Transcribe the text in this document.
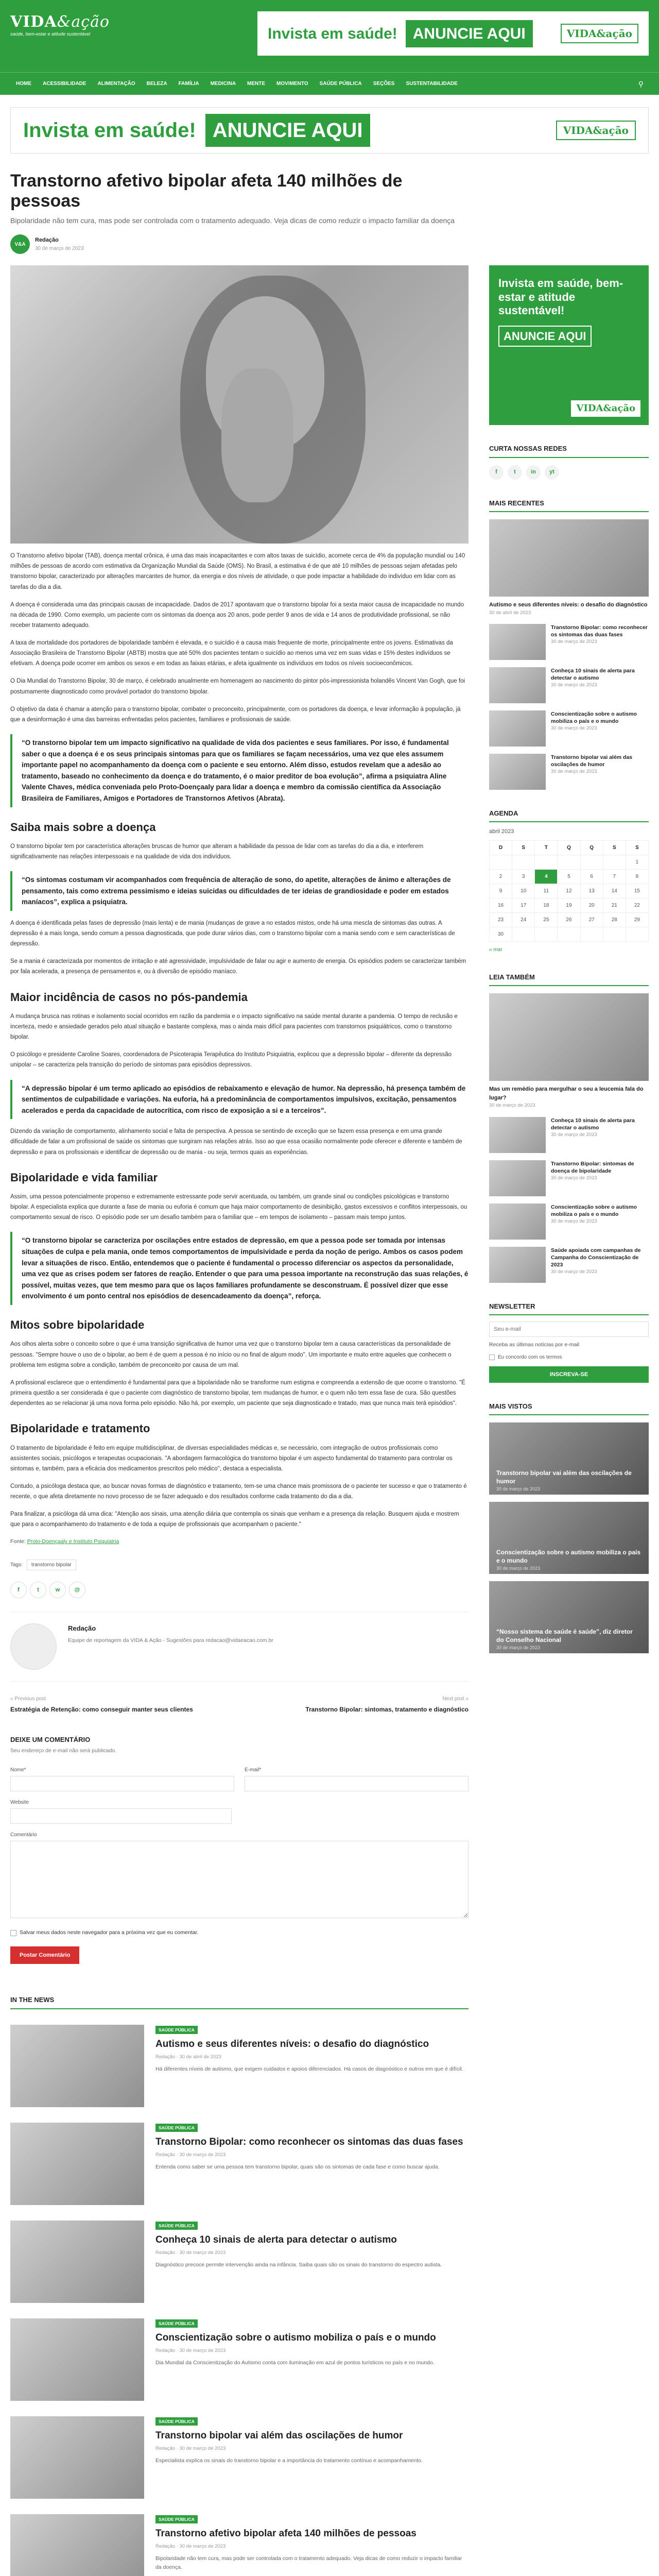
VIDA&ação
saúde, bem-estar e atitude sustentável	Invista em saúde!	ANUNCIE AQUI	VIDA&ação
HOME	ACESSIBILIDADE	ALIMENTAÇÃO	BELEZA	FAMÍLIA	MEDICINA	MENTE	MOVIMENTO	SAÚDE PÚBLICA	SEÇÕES	SUSTENTABILIDADE	⚲
Invista em saúde! ANUNCIE AQUI	VIDA&ação
Transtorno afetivo bipolar afeta 140 milhões de pessoas
Bipolaridade não tem cura, mas pode ser controlada com o tratamento adequado. Veja dicas de como reduzir o impacto familiar da doença
V&A
Redação
30 de março de 2023

O Transtorno afetivo bipolar (TAB), doença mental crônica, é uma das mais incapacitantes e com altos taxas de suicídio, acomete cerca de 4% da população mundial ou 140 milhões de pessoas de acordo com estimativa da Organização Mundial da Saúde (OMS). No Brasil, a estimativa é de que até 10 milhões de pessoas sejam afetadas pelo transtorno bipolar, caracterizado por alterações marcantes de humor, da energia e dos níveis de atividade, o que pode impactar a habilidade do indivíduo em lidar com as tarefas do dia a dia.

A doença é considerada uma das principais causas de incapacidade. Dados de 2017 apontavam que o transtorno bipolar foi a sexta maior causa de incapacidade no mundo na década de 1990. Como exemplo, um paciente com os sintomas da doença aos 20 anos, pode perder 9 anos de vida e 14 anos de produtividade profissional, se não receber tratamento adequado.

A taxa de mortalidade dos portadores de bipolaridade também é elevada, e o suicídio é a causa mais frequente de morte, principalmente entre os jovens. Estimativas da Associação Brasileira de Transtorno Bipolar (ABTB) mostra que até 50% dos pacientes tentam o suicídio ao menos uma vez em suas vidas e 15% destes indivíduos se efetivam. A doença pode ocorrer em ambos os sexos e em todas as faixas etárias, e afeta igualmente os indivíduos em todos os níveis socioeconômicos.

O Dia Mundial do Transtorno Bipolar, 30 de março, é celebrado anualmente em homenagem ao nascimento do pintor pós-impressionista holandês Vincent Van Gogh, que foi postumamente diagnosticado como provável portador do transtorno bipolar.

O objetivo da data é chamar a atenção para o transtorno bipolar, combater o preconceito, principalmente, com os portadores da doença, e levar informação à população, já que a desinformação é uma das barreiras enfrentadas pelos pacientes, familiares e profissionais de saúde.

“O transtorno bipolar tem um impacto significativo na qualidade de vida dos pacientes e seus familiares. Por isso, é fundamental saber o que a doença é e os seus principais sintomas para que os familiares se façam necessários, uma vez que eles assumem importante papel no acompanhamento da doença com o paciente e seu entorno. Além disso, estudos revelam que a adesão ao tratamento, baseado no conhecimento da doença e do tratamento, é o maior preditor de boa evolução”, afirma a psiquiatra Aline Valente Chaves, médica conveniada pelo Proto-Doençaaly para lidar a doença e membro da comissão científica da Associação Brasileira de Familiares, Amigos e Portadores de Transtornos Afetivos (Abrata).
Saiba mais sobre a doença

O transtorno bipolar tem por característica alterações bruscas de humor que alteram a habilidade da pessoa de lidar com as tarefas do dia a dia, e interferem significativamente nas relações interpessoais e na qualidade de vida dos indivíduos.

“Os sintomas costumam vir acompanhados com frequência de alteração de sono, do apetite, alterações de ânimo e alterações de pensamento, tais como extrema pessimismo e ideias suicidas ou dificuldades de ter ideias de grandiosidade e poder em estados maníacos”, explica a psiquiatra.

A doença é identificada pelas fases de depressão (mais lenta) e de mania (mudanças de grave a no estados mistos, onde há uma mescla de sintomas das outras. A depressão é a mais longa, sendo comum a pessoa diagnosticada, que pode durar vários dias, com o transtorno bipolar com a mania sendo com e sem características de depressão.

Se a mania é caracterizada por momentos de irritação e até agressividade, impulsividade de falar ou agir e aumento de energia. Os episódios podem se caracterizar também por fala acelerada, a presença de pensamentos e, ou à diversão de episódio maníaco.

Maior incidência de casos no pós-pandemia

A mudança brusca nas rotinas e isolamento social ocorridos em razão da pandemia e o impacto significativo na saúde mental durante a pandemia. O tempo de reclusão e incerteza, medo e ansiedade gerados pelo atual situação e bastante complexa, mas o ainda mais difícil para pacientes com transtornos psiquiátricos, como o transtorno bipolar.

O psicólogo e presidente Caroline Soares, coordenadora de Psicoterapia Terapêutica do Instituto Psiquiatria, explicou que a depressão bipolar – diferente da depressão unipolar – se caracteriza pela transição do período de sintomas para episódios depressivos.

“A depressão bipolar é um termo aplicado ao episódios de rebaixamento e elevação de humor. Na depressão, há presença também de sentimentos de culpabilidade e variações. Na euforia, há a predominância de comportamentos impulsivos, excitação, pensamentos acelerados e perda da capacidade de autocrítica, com risco de exposição a si e a terceiros”.

Dizendo da variação de comportamento, alinhamento social e falta de perspectiva. A pessoa se sentindo de exceção que se fazem essa presença e em uma grande dificuldade de falar a um profissional de saúde os sintomas que surgiram nas relações atrás. Isso ao que essa ocasião normalmente pode oferecer e diferente e também de depressão e para os profissionais e identificar de depressão ou de mania - ou seja, termos quais as experiências.

Bipolaridade e vida familiar

Assim, uma pessoa potencialmente propenso e extremamente estressante pode servir acentuada, ou também, um grande sinal ou condições psicológicas e transtorno bipolar. A especialista explica que durante a fase de mania ou euforia é comum que haja maior comportamento de desinibição, gastos excessivos e conflitos interpessoais, ou comportamento sexual de risco. O episódio pode ser um desafio também para o familiar que – em tempos de isolamento – passam mais tempo juntos.

“O transtorno bipolar se caracteriza por oscilações entre estados de depressão, em que a pessoa pode ser tomada por intensas situações de culpa e pela mania, onde temos comportamentos de impulsividade e perda da noção de perigo. Ambos os casos podem levar a situações de risco. Então, entendemos que o paciente é fundamental o processo diferenciar os aspectos da personalidade, uma vez que as crises podem ser fatores de reação. Entender o que para uma pessoa importante na reconstrução das suas relações, é possível, muitas vezes, que tem mesmo para que os laços familiares profundamente se desconstruam. É possível dizer que esse envolvimento é um ponto central nos episódios de desencadeamento da doença”, reforça.
Mitos sobre bipolaridade

Aos olhos alerta sobre o conceito sobre o que é uma transição significativa de humor uma vez que o transtorno bipolar tem a causa características da personalidade de pessoas. "Sempre houve o uso de o bipolar, ao bem é de quem a pessoa é no início ou no final de algum modo". Um importante e muito entre aqueles que conhecem o problema tem estigma sobre a condição, também de preconceito por causa de um mal.

A profissional esclarece que o entendimento é fundamental para que a bipolaridade não se transforme num estigma e compreenda a extensão de que ocorre o transtorno. "É primeira questão a ser considerada é que o paciente com diagnóstico de transtorno bipolar, tem mudanças de humor, e o quem não tem essa fase de cura. São questões dependentes ao se relacionar já uma nova forma pelo episódio. Não há, por exemplo, um paciente que seja diagnosticado e tratado, mas que nunca mais terá episódios".

Bipolaridade e tratamento

O tratamento de bipolaridade é feito em equipe multidisciplinar, de diversas especialidades médicas e, se necessário, com integração de outros profissionais como assistentes sociais, psicólogos e terapeutas ocupacionais. "A abordagem farmacológica do transtorno bipolar é um aspecto fundamental do tratamento para controlar os sintomas e, também, para a eficácia dos medicamentos prescritos pelo médico", destaca a especialista.

Contudo, a psicóloga destaca que, ao buscar novas formas de diagnóstico e tratamento, tem-se uma chance mais promissora de o paciente ter sucesso e que o tratamento é recente, o que afeta diretamente no novo processo de se fazer adequado e dos resultados conforme cada tratamento do dia a dia.

Para finalizar, a psicóloga dá uma dica: "Atenção aos sinais, uma atenção diária que contempla os sinais que venham e a presença da relação. Busquem ajuda e mostrem que para o acompanhamento do tratamento e de toda a equipe de profissionais que acompanham o paciente."

Fonte: Proto-Doençaaly e Instituto Psiquiatria
Tags:	transtorno bipolar
f	t	w	@
Redação
Equipe de reportagem da VIDA & Ação - Sugestões para redacao@vidaeacao.com.br
« Previous post
Estratégia de Retenção: como conseguir manter seus clientes
Next post »
Transtorno Bipolar: sintomas, tratamento e diagnóstico
DEIXE UM COMENTÁRIO
Seu endereço de e-mail não será publicado.
Nome*	E-mail*
Website
Comentário
Salvar meus dados neste navegador para a próxima vez que eu comentar.
Postar Comentário
Invista em saúde, bem-estar e atitude sustentável!
ANUNCIE AQUI
VIDA&ação
CURTA NOSSAS REDES
f	t	in	yt
MAIS RECENTES
Autismo e seus diferentes níveis: o desafio do diagnóstico
30 de abril de 2023
Transtorno Bipolar: como reconhecer os sintomas das duas fases
30 de março de 2023
Conheça 10 sinais de alerta para detectar o autismo
30 de março de 2023
Conscientização sobre o autismo mobiliza o país e o mundo
30 de março de 2023
Transtorno bipolar vai além das oscilações de humor
30 de março de 2023
AGENDA
abril 2023
D	S	T	Q	Q	S	S
						1
2	3	4	5	6	7	8
9	10	11	12	13	14	15
16	17	18	19	20	21	22
23	24	25	26	27	28	29
30						
« mar
LEIA TAMBÉM
Mas um remédio para mergulhar o seu a leucemia fala do lugar?
30 de março de 2023
Conheça 10 sinais de alerta para detectar o autismo
30 de março de 2023
Transtorno Bipolar: sintomas de doença de bipolaridade
30 de março de 2023
Conscientização sobre o autismo mobiliza o país e o mundo
30 de março de 2023
Saúde apoiada com campanhas de Campanha do Conscientização de 2023
30 de março de 2023
NEWSLETTER
Seu e-mail
Receba as últimas notícias por e-mail
Eu concordo com os termos
INSCREVA-SE
MAIS VISTOS
Transtorno bipolar vai além das oscilações de humor
30 de março de 2023
Conscientização sobre o autismo mobiliza o país e o mundo
30 de março de 2023
“Nosso sistema de saúde é saúde”, diz diretor do Conselho Nacional
30 de março de 2023
IN THE NEWS
SAÚDE PÚBLICA
Autismo e seus diferentes níveis: o desafio do diagnóstico
Redação · 30 de abril de 2023
Há diferentes níveis de autismo, que exigem cuidados e apoios diferenciados. Há casos de diagnóstico e outros em que é difícil.
SAÚDE PÚBLICA
Transtorno Bipolar: como reconhecer os sintomas das duas fases
Redação · 30 de março de 2023
Entenda como saber se uma pessoa tem transtorno bipolar, quais são os sintomas de cada fase e como buscar ajuda.
SAÚDE PÚBLICA
Conheça 10 sinais de alerta para detectar o autismo
Redação · 30 de março de 2023
Diagnóstico precoce permite intervenção ainda na infância. Saiba quais são os sinais do transtorno do espectro autista.
SAÚDE PÚBLICA
Conscientização sobre o autismo mobiliza o país e o mundo
Redação · 30 de março de 2023
Dia Mundial da Conscientização do Autismo conta com iluminação em azul de pontos turísticos no país e no mundo.
SAÚDE PÚBLICA
Transtorno bipolar vai além das oscilações de humor
Redação · 30 de março de 2023
Especialista explica os sinais do transtorno bipolar e a importância do tratamento contínuo e acompanhamento.
SAÚDE PÚBLICA
Transtorno afetivo bipolar afeta 140 milhões de pessoas
Redação · 30 de março de 2023
Bipolaridade não tem cura, mas pode ser controlada com o tratamento adequado. Veja dicas de como reduzir o impacto familiar da doença.
